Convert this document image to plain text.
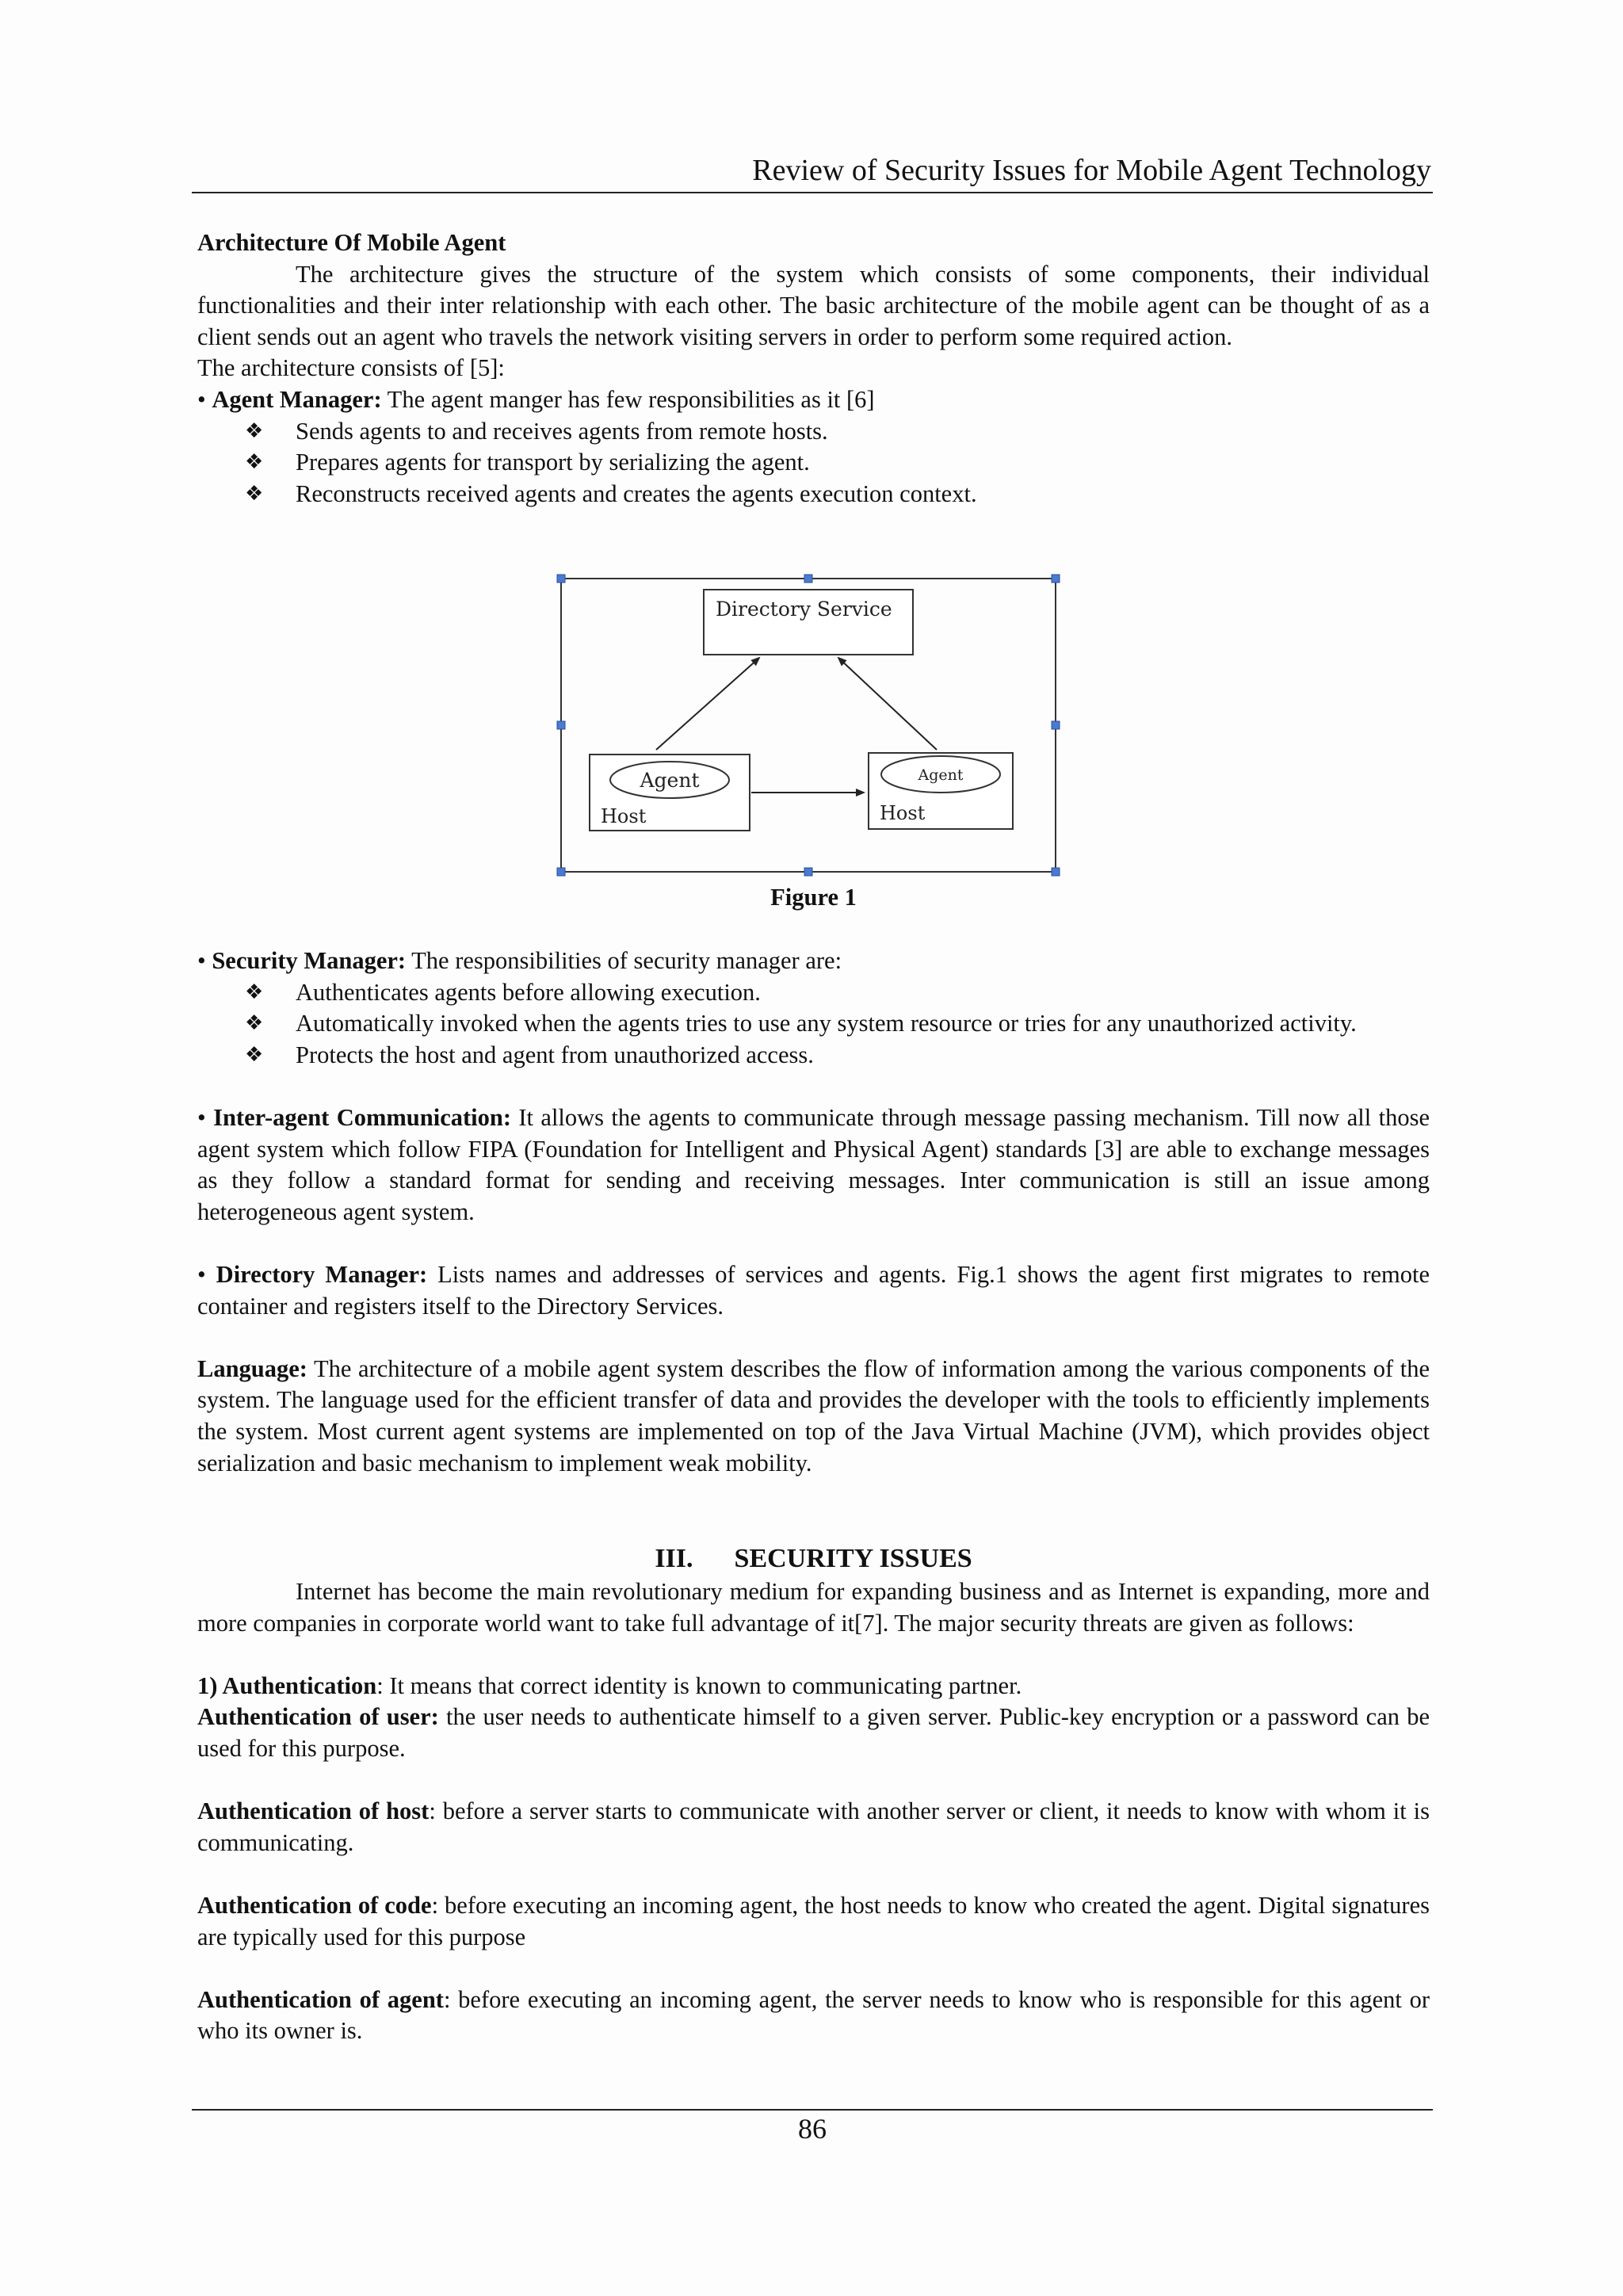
Review of Security Issues for Mobile Agent Technology

Architecture Of Mobile Agent

The architecture gives the structure of the system which consists of some components, their individual functionalities and their inter relationship with each other. The basic architecture of the mobile agent can be thought of as a client sends out an agent who travels the network visiting servers in order to perform some required action.

The architecture consists of [5]:

• Agent Manager: The agent manger has few responsibilities as it [6]

❖ Sends agents to and receives agents from remote hosts.
❖ Prepares agents for transport by serializing the agent.
❖ Reconstructs received agents and creates the agents execution context.
Directory Service
Agent
Host
Agent
Host
Figure 1

• Security Manager: The responsibilities of security manager are:

❖ Authenticates agents before allowing execution.
❖ Automatically invoked when the agents tries to use any system resource or tries for any unauthorized activity.
❖ Protects the host and agent from unauthorized access.

• Inter-agent Communication: It allows the agents to communicate through message passing mechanism. Till now all those agent system which follow FIPA (Foundation for Intelligent and Physical Agent) standards [3] are able to exchange messages as they follow a standard format for sending and receiving messages. Inter communication is still an issue among heterogeneous agent system.

• Directory Manager: Lists names and addresses of services and agents. Fig.1 shows the agent first migrates to remote container and registers itself to the Directory Services.

Language: The architecture of a mobile agent system describes the flow of information among the various components of the system. The language used for the efficient transfer of data and provides the developer with the tools to efficiently implements the system. Most current agent systems are implemented on top of the Java Virtual Machine (JVM), which provides object serialization and basic mechanism to implement weak mobility.

III. SECURITY ISSUES

Internet has become the main revolutionary medium for expanding business and as Internet is expanding, more and more companies in corporate world want to take full advantage of it[7]. The major security threats are given as follows:

1) Authentication: It means that correct identity is known to communicating partner.

Authentication of user: the user needs to authenticate himself to a given server. Public-key encryption or a password can be used for this purpose.

Authentication of host: before a server starts to communicate with another server or client, it needs to know with whom it is communicating.

Authentication of code: before executing an incoming agent, the host needs to know who created the agent. Digital signatures are typically used for this purpose

Authentication of agent: before executing an incoming agent, the server needs to know who is responsible for this agent or who its owner is.

86
